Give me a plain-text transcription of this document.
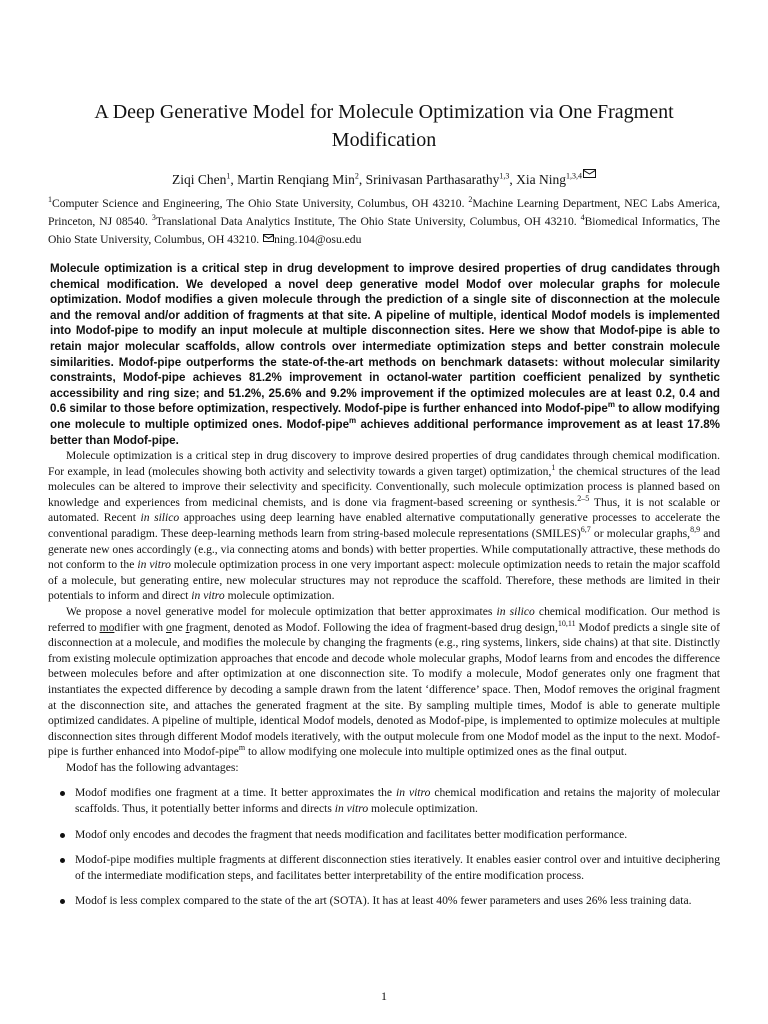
A Deep Generative Model for Molecule Optimization via One Fragment Modification
Ziqi Chen$^1$, Martin Renqiang Min$^2$, Srinivasan Parthasarathy$^{1,3}$, Xia Ning$^{1,3,4}$
$^1$Computer Science and Engineering, The Ohio State University, Columbus, OH 43210. $^2$Machine Learning Department, NEC Labs America, Princeton, NJ 08540. $^3$Translational Data Analytics Institute, The Ohio State University, Columbus, OH 43210. $^4$Biomedical Informatics, The Ohio State University, Columbus, OH 43210. ning.104@osu.edu
Molecule optimization is a critical step in drug development to improve desired properties of drug candidates through chemical modification. We developed a novel deep generative model Modof over molecular graphs for molecule optimization. Modof modifies a given molecule through the prediction of a single site of disconnection at the molecule and the removal and/or addition of fragments at that site. A pipeline of multiple, identical Modof models is implemented into Modof-pipe to modify an input molecule at multiple disconnection sites. Here we show that Modof-pipe is able to retain major molecular scaffolds, allow controls over intermediate optimization steps and better constrain molecule similarities. Modof-pipe outperforms the state-of-the-art methods on benchmark datasets: without molecular similarity constraints, Modof-pipe achieves 81.2% improvement in octanol-water partition coefficient penalized by synthetic accessibility and ring size; and 51.2%, 25.6% and 9.2% improvement if the optimized molecules are at least 0.2, 0.4 and 0.6 similar to those before optimization, respectively. Modof-pipe is further enhanced into Modof-pipe$^m$ to allow modifying one molecule to multiple optimized ones. Modof-pipe$^m$ achieves additional performance improvement as at least 17.8% better than Modof-pipe.

Molecule optimization is a critical step in drug discovery to improve desired properties of drug candidates through chemical modification. For example, in lead (molecules showing both activity and selectivity towards a given target) optimization,$^1$ the chemical structures of the lead molecules can be altered to improve their selectivity and specificity. Conventionally, such molecule optimization process is planned based on knowledge and experiences from medicinal chemists, and is done via fragment-based screening or synthesis.$^{2-5}$ Thus, it is not scalable or automated. Recent in silico approaches using deep learning have enabled alternative computationally generative processes to accelerate the conventional paradigm. These deep-learning methods learn from string-based molecule representations (SMILES)$^{6,7}$ or molecular graphs,$^{8,9}$ and generate new ones accordingly (e.g., via connecting atoms and bonds) with better properties. While computationally attractive, these methods do not conform to the in vitro molecule optimization process in one very important aspect: molecule optimization needs to retain the major scaffold of a molecule, but generating entire, new molecular structures may not reproduce the scaffold. Therefore, these methods are limited in their potentials to inform and direct in vitro molecule optimization.

We propose a novel generative model for molecule optimization that better approximates in silico chemical modification. Our method is referred to modifier with one fragment, denoted as Modof. Following the idea of fragment-based drug design,$^{10,11}$ Modof predicts a single site of disconnection at a molecule, and modifies the molecule by changing the fragments (e.g., ring systems, linkers, side chains) at that site. Distinctly from existing molecule optimization approaches that encode and decode whole molecular graphs, Modof learns from and encodes the difference between molecules before and after optimization at one disconnection site. To modify a molecule, Modof generates only one fragment that instantiates the expected difference by decoding a sample drawn from the latent ‘difference’ space. Then, Modof removes the original fragment at the disconnection site, and attaches the generated fragment at the site. By sampling multiple times, Modof is able to generate multiple optimized candidates. A pipeline of multiple, identical Modof models, denoted as Modof-pipe, is implemented to optimize molecules at multiple disconnection sites through different Modof models iteratively, with the output molecule from one Modof model as the input to the next. Modof-pipe is further enhanced into Modof-pipe$^m$ to allow modifying one molecule into multiple optimized ones as the final output.

Modof has the following advantages:

Modof modifies one fragment at a time. It better approximates the in vitro chemical modification and retains the majority of molecular scaffolds. Thus, it potentially better informs and directs in vitro molecule optimization.
Modof only encodes and decodes the fragment that needs modification and facilitates better modification performance.
Modof-pipe modifies multiple fragments at different disconnection sties iteratively. It enables easier control over and intuitive deciphering of the intermediate modification steps, and facilitates better interpretability of the entire modification process.
Modof is less complex compared to the state of the art (SOTA). It has at least 40% fewer parameters and uses 26% less training data.
1
